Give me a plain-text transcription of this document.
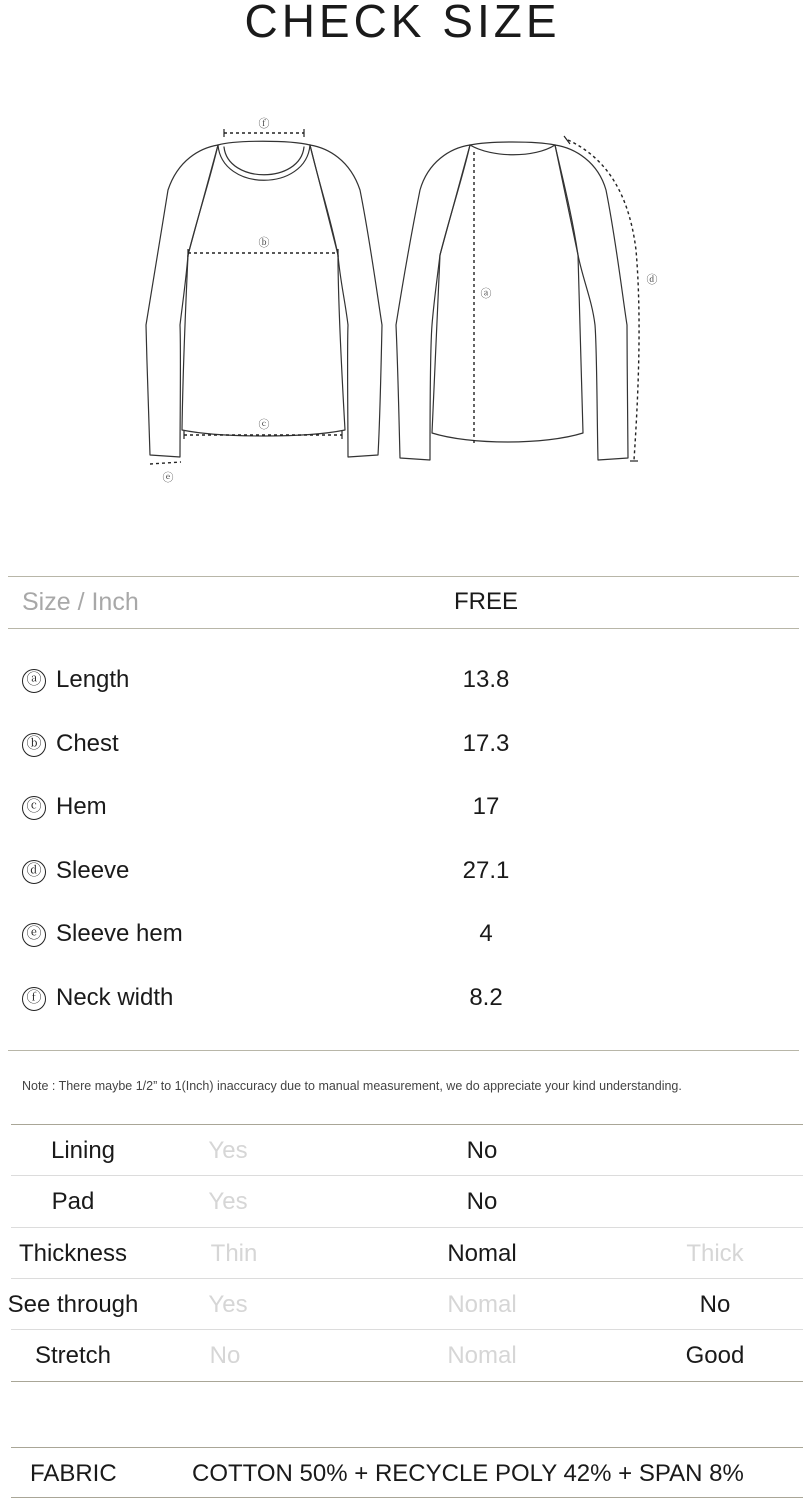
CHECK SIZE
ⓕ
ⓑ
ⓒ
ⓔ
ⓐ
ⓓ
Size / Inch	FREE
ⓐ Length	13.8
ⓑ Chest	17.3
ⓒ Hem	17
ⓓ Sleeve	27.1
ⓔ Sleeve hem	4
ⓕ Neck width	8.2
Note : There maybe 1/2” to 1(Inch) inaccuracy due to manual measurement, we do appreciate your kind understanding.
Lining	Yes	No
Pad	Yes	No
Thickness	Thin	Nomal	Thick
See through	Yes	Nomal	No
Stretch	No	Nomal	Good
FABRIC	COTTON 50% + RECYCLE POLY 42% + SPAN 8%
